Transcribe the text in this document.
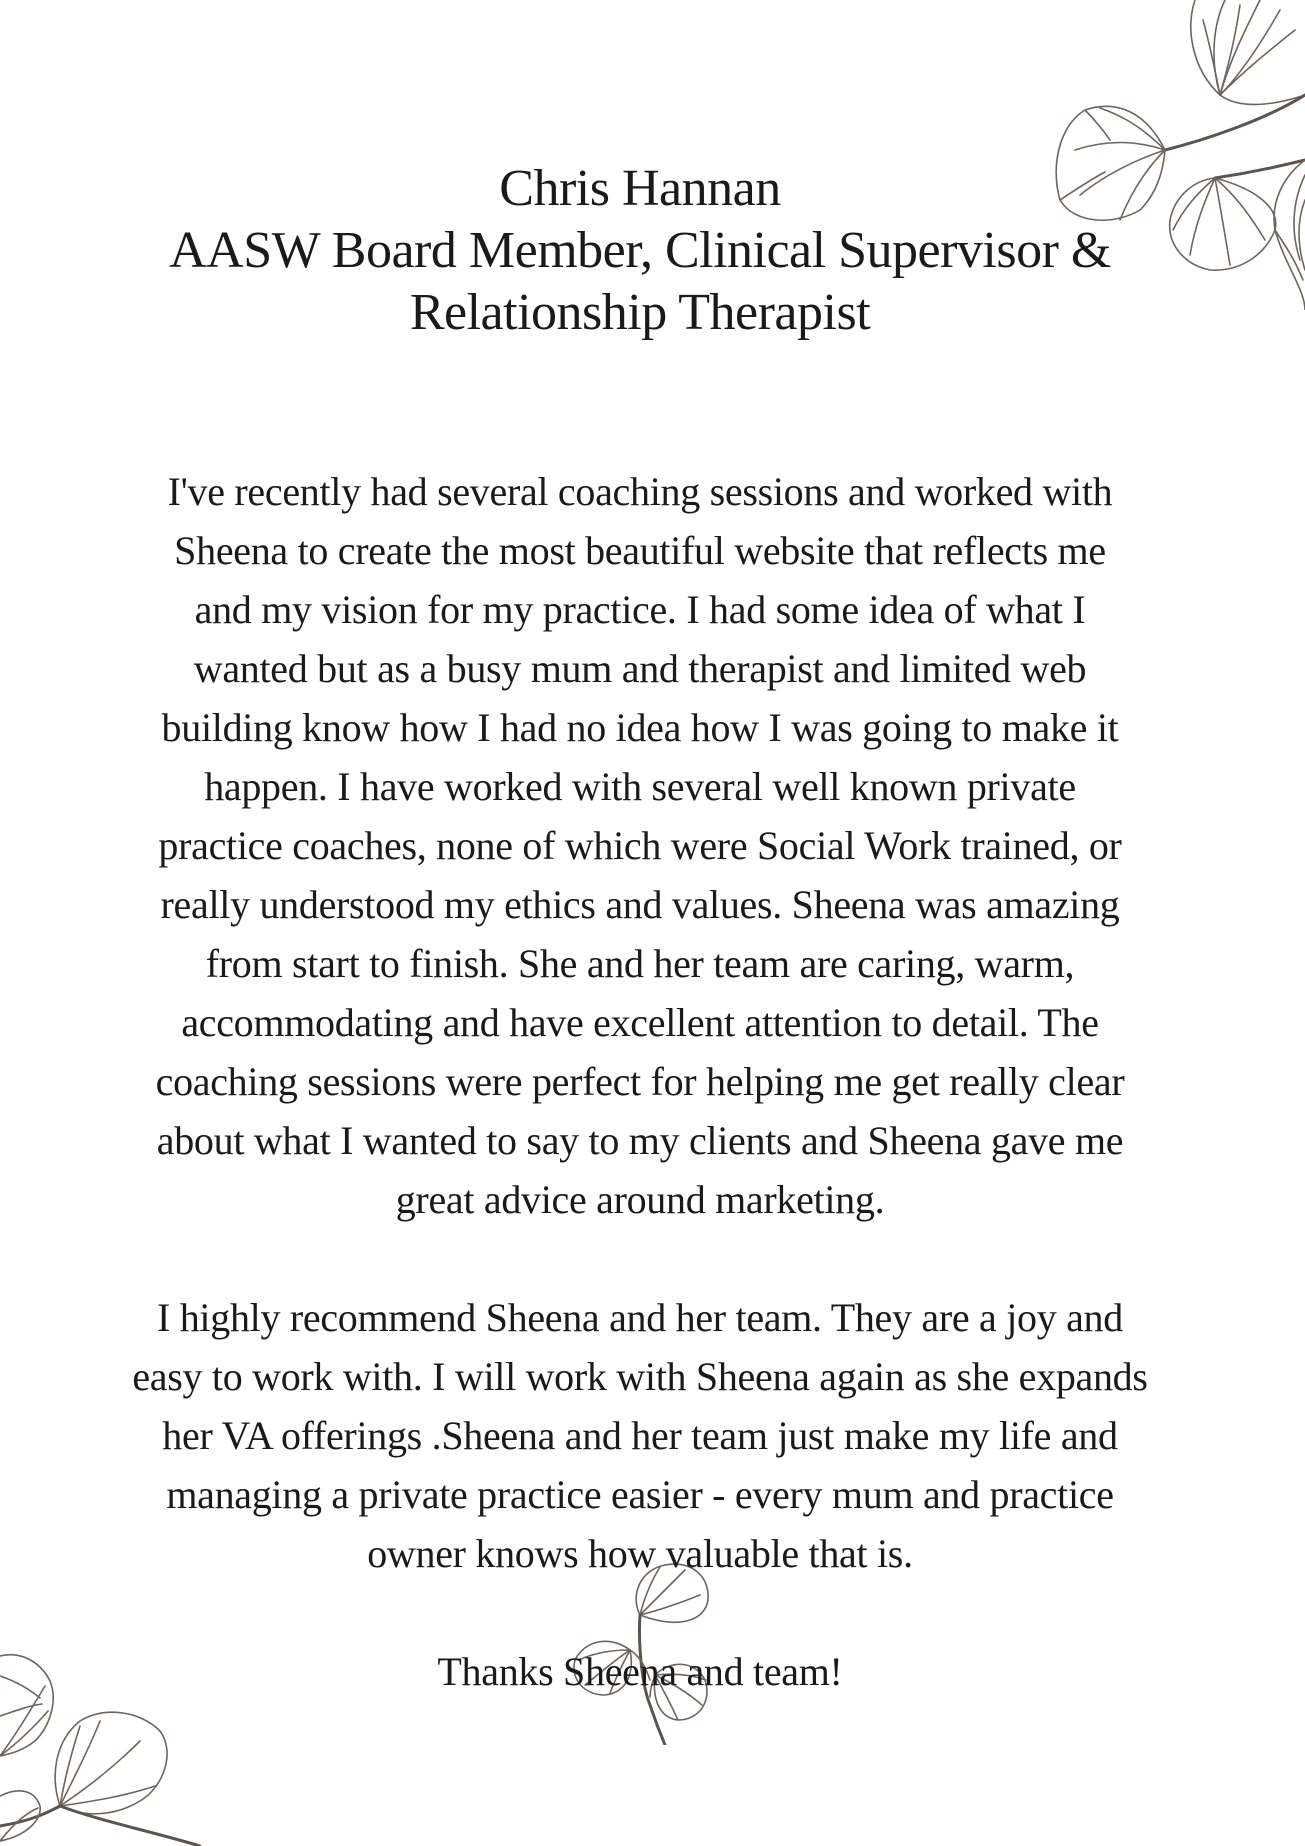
Chris Hannan
AASW Board Member, Clinical Supervisor &
Relationship Therapist
I've recently had several coaching sessions and worked with
Sheena to create the most beautiful website that reflects me
and my vision for my practice. I had some idea of what I
wanted but as a busy mum and therapist and limited web
building know how I had no idea how I was going to make it
happen. I have worked with several well known private
practice coaches, none of which were Social Work trained, or
really understood my ethics and values. Sheena was amazing
from start to finish. She and her team are caring, warm,
accommodating and have excellent attention to detail. The
coaching sessions were perfect for helping me get really clear
about what I wanted to say to my clients and Sheena gave me
great advice around marketing.
I highly recommend Sheena and her team. They are a joy and
easy to work with. I will work with Sheena again as she expands
her VA offerings .Sheena and her team just make my life and
managing a private practice easier - every mum and practice
owner knows how valuable that is.
Thanks Sheena and team!
